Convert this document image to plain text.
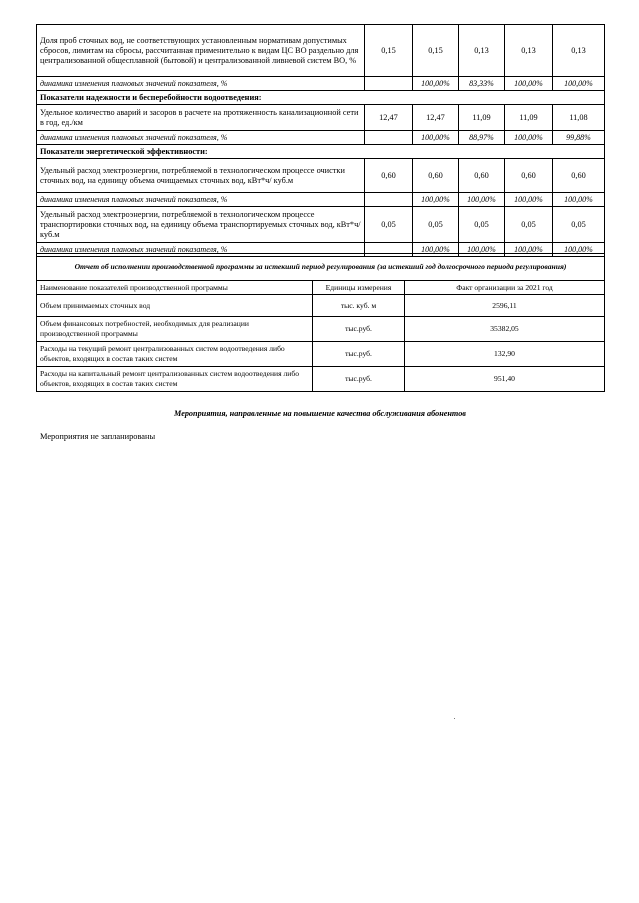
Доля проб сточных вод, не соответствующих установленным нормативам допустимых сбросов, лимитам на сбросы, рассчитанная применительно к видам ЦС ВО раздельно для централизованной общесплавной (бытовой) и централизованной ливневой систем ВО, %	0,15	0,15	0,13	0,13	0,13
динамика изменения плановых значений показателя, %		100,00%	83,33%	100,00%	100,00%
Показатели надежности и бесперебойности водоотведения:					
Удельное количество аварий и засоров в расчете на протяженность канализационной сети в год, ед./км	12,47	12,47	11,09	11,09	11,08
динамика изменения плановых значений показателя, %		100,00%	88,97%	100,00%	99,88%
Показатели энергетической эффективности:					
Удельный расход электроэнергии, потребляемой в технологическом процессе очистки сточных вод, на единицу объема очищаемых сточных вод, кВт*ч/ куб.м	0,60	0,60	0,60	0,60	0,60
динамика изменения плановых значений показателя, %		100,00%	100,00%	100,00%	100,00%
Удельный расход электроэнергии, потребляемой в технологическом процессе транспортировки сточных вод, на единицу объема транспортируемых сточных вод, кВт*ч/ куб.м	0,05	0,05	0,05	0,05	0,05
динамика изменения плановых значений показателя, %		100,00%	100,00%	100,00%	100,00%
Отчет об исполнении производственной программы за истекший период регулирования (за истекший год долгосрочного периода регулирования)		
Наименование показателей производственной программы	Единицы измерения	Факт организации за 2021 год
Объем принимаемых сточных вод	тыс. куб. м	2596,11
Объем финансовых потребностей, необходимых для реализации производственной программы	тыс.руб.	35382,05
Расходы на текущий ремонт централизованных систем водоотведения либо объектов, входящих в состав таких систем	тыс.руб.	132,90
Расходы на капитальный ремонт централизованных систем водоотведения либо объектов, входящих в состав таких систем	тыс.руб.	951,40
Мероприятия, направленные на повышение качества обслуживания абонентов
Мероприятия не запланированы
